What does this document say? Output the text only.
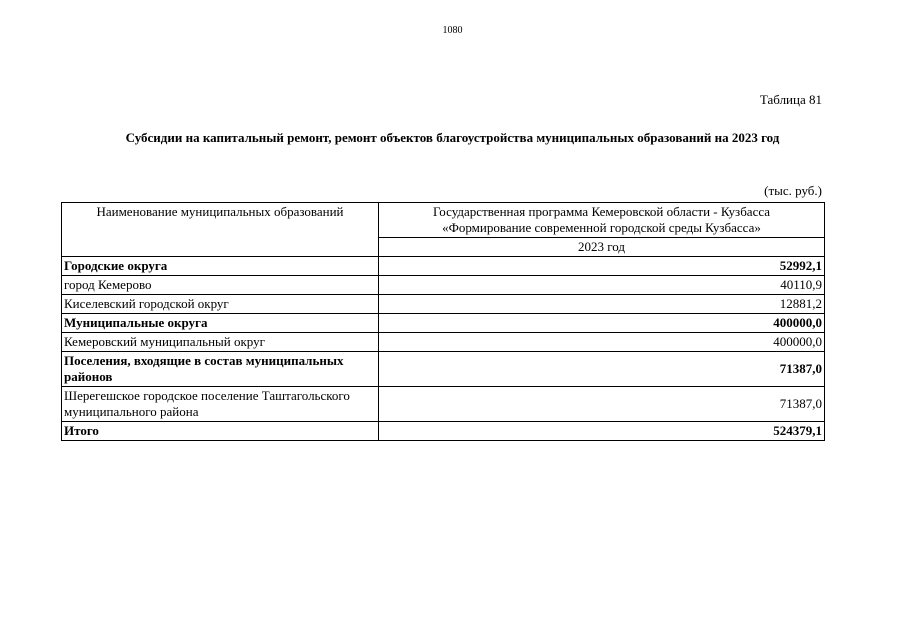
1080
Таблица 81
Субсидии на капитальный ремонт, ремонт объектов благоустройства муниципальных образований на 2023 год
(тыс. руб.)
Наименование муниципальных образований	Государственная программа Кемеровской области - Кузбасса
«Формирование современной городской среды Кузбасса»

	2023 год
Городские округа	52992,1
город Кемерово	40110,9
Киселевский городской округ	12881,2
Муниципальные округа	400000,0
Кемеровский муниципальный округ	400000,0
Поселения, входящие в состав муниципальных районов	71387,0
Шерегешское городское поселение Таштагольского муниципального района	71387,0
Итого	524379,1
